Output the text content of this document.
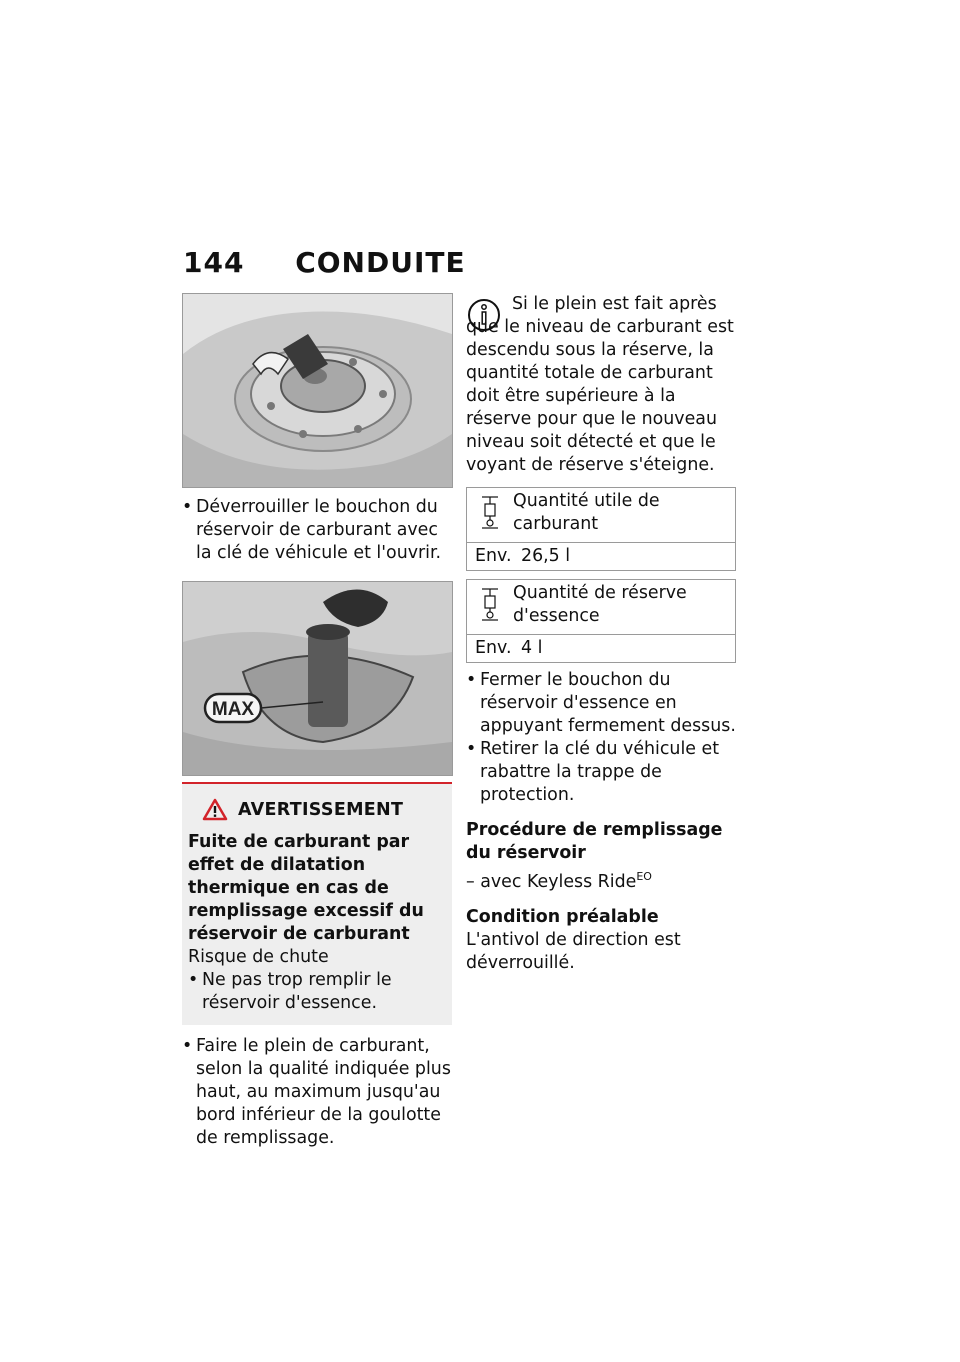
144 CONDUITE
• Déverrouiller le bouchon du réservoir de carburant avec la clé de véhicule et l'ouvrir.
MAX
AVERTISSEMENT
Fuite de carburant par effet de dilatation thermique en cas de remplissage excessif du réservoir de carburant
Risque de chute
• Ne pas trop remplir le réservoir d'essence.
• Faire le plein de carburant, selon la qualité indiquée plus haut, au maximum jusqu'au bord inférieur de la goulotte de remplissage.
Si le plein est fait après que le niveau de carburant est descendu sous la réserve, la quantité totale de carburant doit être supérieure à la réserve pour que le nouveau niveau soit détecté et que le voyant de réserve s'éteigne.
Quantité utile de carburant
Env. 26,5 l
Quantité de réserve d'essence
Env. 4 l
• Fermer le bouchon du réservoir d'essence en appuyant fermement dessus.
• Retirer la clé du véhicule et rabattre la trappe de protection.
Procédure de remplissage du réservoir
– avec Keyless Ride$^{EO}$
Condition préalable
L'antivol de direction est déverrouillé.
